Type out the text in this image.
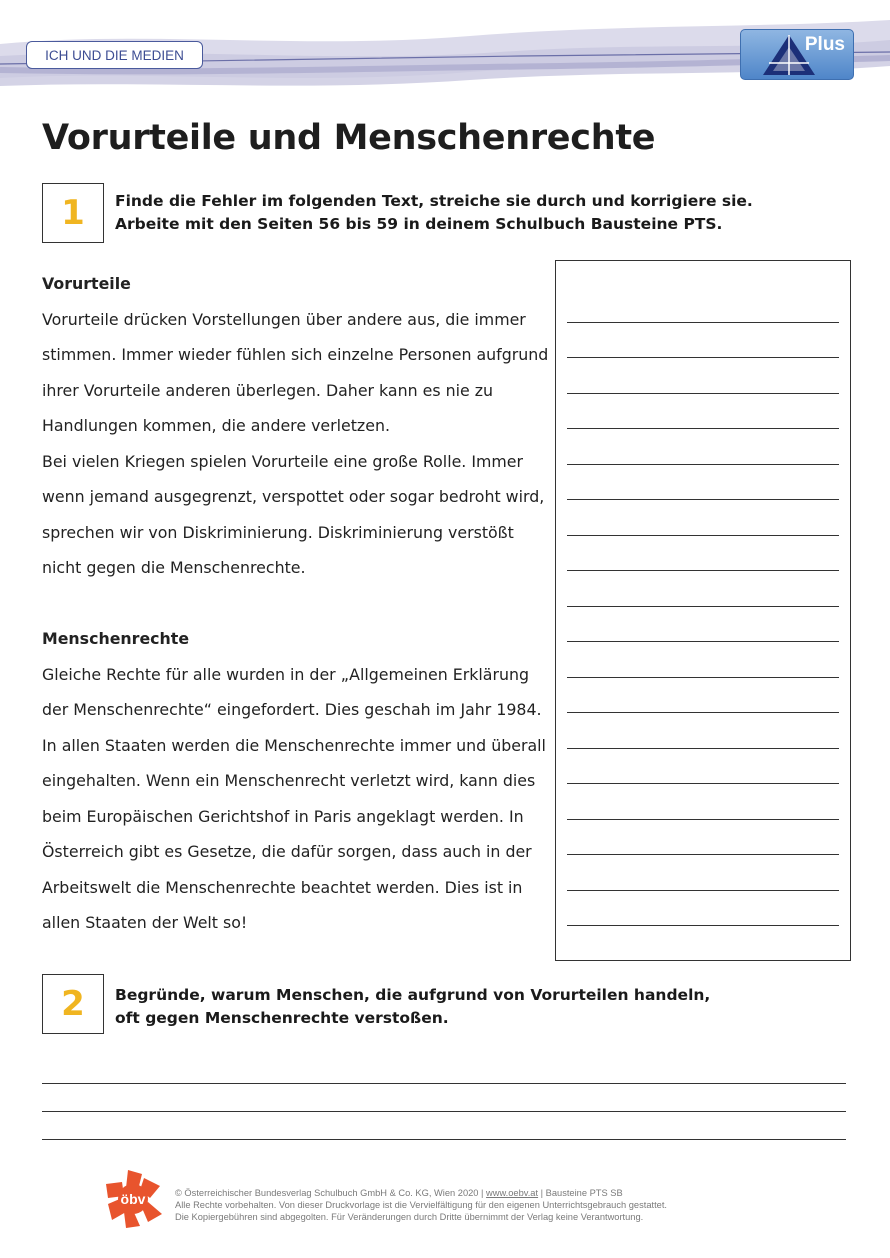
ICH UND DIE MEDIEN	Plus
Vorurteile und Menschenrechte
1	Finde die Fehler im folgenden Text, streiche sie durch und korrigiere sie.
Arbeite mit den Seiten 56 bis 59 in deinem Schulbuch Bausteine PTS.
Vorurteile
Vorurteile drücken Vorstellungen über andere aus, die immer
stimmen. Immer wieder fühlen sich einzelne Personen aufgrund
ihrer Vorurteile anderen überlegen. Daher kann es nie zu
Handlungen kommen, die andere verletzen.
Bei vielen Kriegen spielen Vorurteile eine große Rolle. Immer
wenn jemand ausgegrenzt, verspottet oder sogar bedroht wird,
sprechen wir von Diskriminierung. Diskriminierung verstößt
nicht gegen die Menschenrechte.
Menschenrechte
Gleiche Rechte für alle wurden in der „Allgemeinen Erklärung
der Menschenrechte“ eingefordert. Dies geschah im Jahr 1984.
In allen Staaten werden die Menschenrechte immer und überall
eingehalten. Wenn ein Menschenrecht verletzt wird, kann dies
beim Europäischen Gerichtshof in Paris angeklagt werden. In
Österreich gibt es Gesetze, die dafür sorgen, dass auch in der
Arbeitswelt die Menschenrechte beachtet werden. Dies ist in
allen Staaten der Welt so!
2	Begründe, warum Menschen, die aufgrund von Vorurteilen handeln,
oft gegen Menschenrechte verstoßen.
öbv	© Österreichischer Bundesverlag Schulbuch GmbH & Co. KG, Wien 2020 | www.oebv.at | Bausteine PTS SB
Alle Rechte vorbehalten. Von dieser Druckvorlage ist die Vervielfältigung für den eigenen Unterrichtsgebrauch gestattet.
Die Kopiergebühren sind abgegolten. Für Veränderungen durch Dritte übernimmt der Verlag keine Verantwortung.
